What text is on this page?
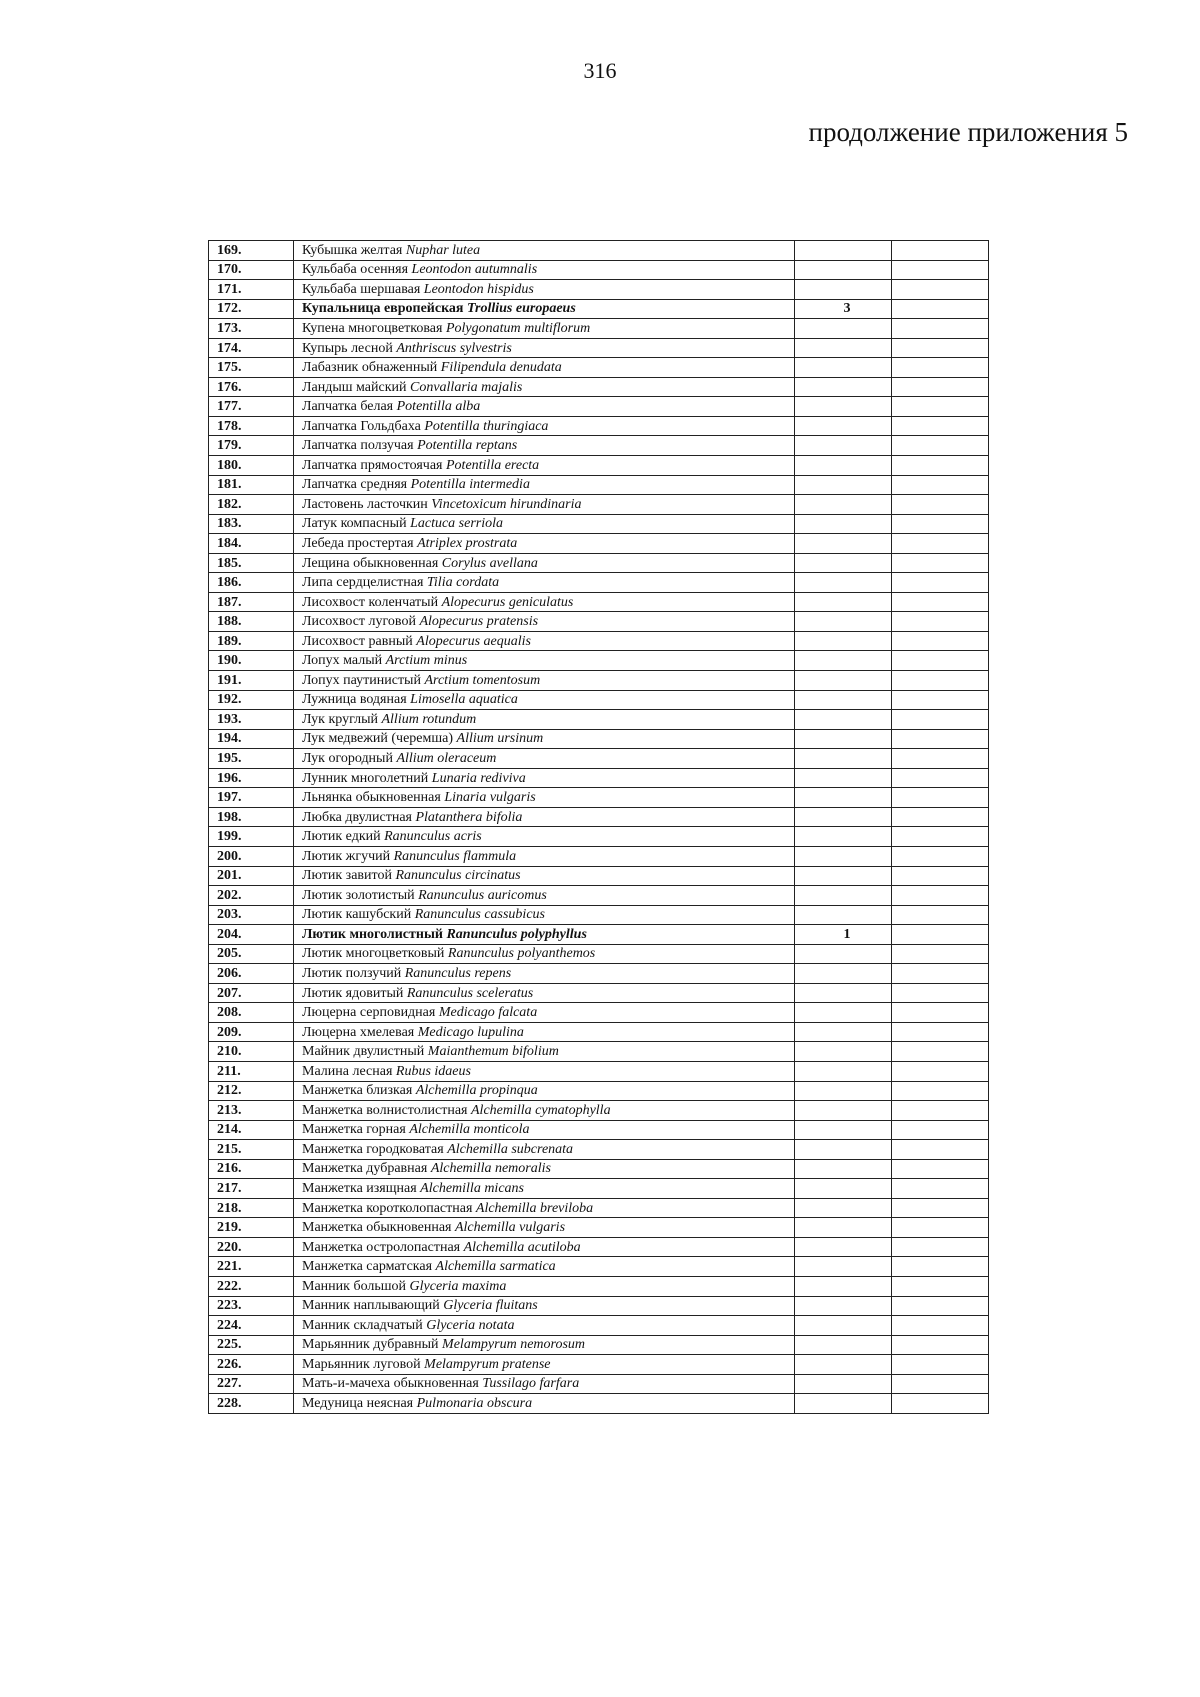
316
продолжение приложения 5
169.	Кубышка желтая Nuphar lutea		
170.	Кульбаба осенняя Leontodon autumnalis		
171.	Кульбаба шершавая Leontodon hispidus		
172.	Купальница европейская Trollius europaeus	3	
173.	Купена многоцветковая Polygonatum multiflorum		
174.	Купырь лесной Anthriscus sylvestris		
175.	Лабазник обнаженный Filipendula denudata		
176.	Ландыш майский Convallaria majalis		
177.	Лапчатка белая Potentilla alba		
178.	Лапчатка Гольдбаха Potentilla thuringiaca		
179.	Лапчатка ползучая Potentilla reptans		
180.	Лапчатка прямостоячая Potentilla erecta		
181.	Лапчатка средняя Potentilla intermedia		
182.	Ластовень ласточкин Vincetoxicum hirundinaria		
183.	Латук компасный Lactuca serriola		
184.	Лебеда простертая Atriplex prostrata		
185.	Лещина обыкновенная Corylus avellana		
186.	Липа сердцелистная Tilia cordata		
187.	Лисохвост коленчатый Alopecurus geniculatus		
188.	Лисохвост луговой Alopecurus pratensis		
189.	Лисохвост равный Alopecurus aequalis		
190.	Лопух малый Arctium minus		
191.	Лопух паутинистый Arctium tomentosum		
192.	Лужница водяная Limosella aquatica		
193.	Лук круглый Allium rotundum		
194.	Лук медвежий (черемша) Allium ursinum		
195.	Лук огородный Allium oleraceum		
196.	Лунник многолетний Lunaria rediviva		
197.	Льнянка обыкновенная Linaria vulgaris		
198.	Любка двулистная Platanthera bifolia		
199.	Лютик едкий Ranunculus acris		
200.	Лютик жгучий Ranunculus flammula		
201.	Лютик завитой Ranunculus circinatus		
202.	Лютик золотистый Ranunculus auricomus		
203.	Лютик кашубский Ranunculus cassubicus		
204.	Лютик многолистный Ranunculus polyphyllus	1	
205.	Лютик многоцветковый Ranunculus polyanthemos		
206.	Лютик ползучий Ranunculus repens		
207.	Лютик ядовитый Ranunculus sceleratus		
208.	Люцерна серповидная Medicago falcata		
209.	Люцерна хмелевая Medicago lupulina		
210.	Майник двулистный Maianthemum bifolium		
211.	Малина лесная Rubus idaeus		
212.	Манжетка близкая Alchemilla propinqua		
213.	Манжетка волнистолистная Alchemilla cymatophylla		
214.	Манжетка горная Alchemilla monticola		
215.	Манжетка городковатая Alchemilla subcrenata		
216.	Манжетка дубравная Alchemilla nemoralis		
217.	Манжетка изящная Alchemilla micans		
218.	Манжетка коротколопастная Alchemilla breviloba		
219.	Манжетка обыкновенная Alchemilla vulgaris		
220.	Манжетка остролопастная Alchemilla acutiloba		
221.	Манжетка сарматская Alchemilla sarmatica		
222.	Манник большой Glyceria maxima		
223.	Манник наплывающий Glyceria fluitans		
224.	Манник складчатый Glyceria notata		
225.	Марьянник дубравный Melampyrum nemorosum		
226.	Марьянник луговой Melampyrum pratense		
227.	Мать-и-мачеха обыкновенная Tussilago farfara		
228.	Медуница неясная Pulmonaria obscura		
